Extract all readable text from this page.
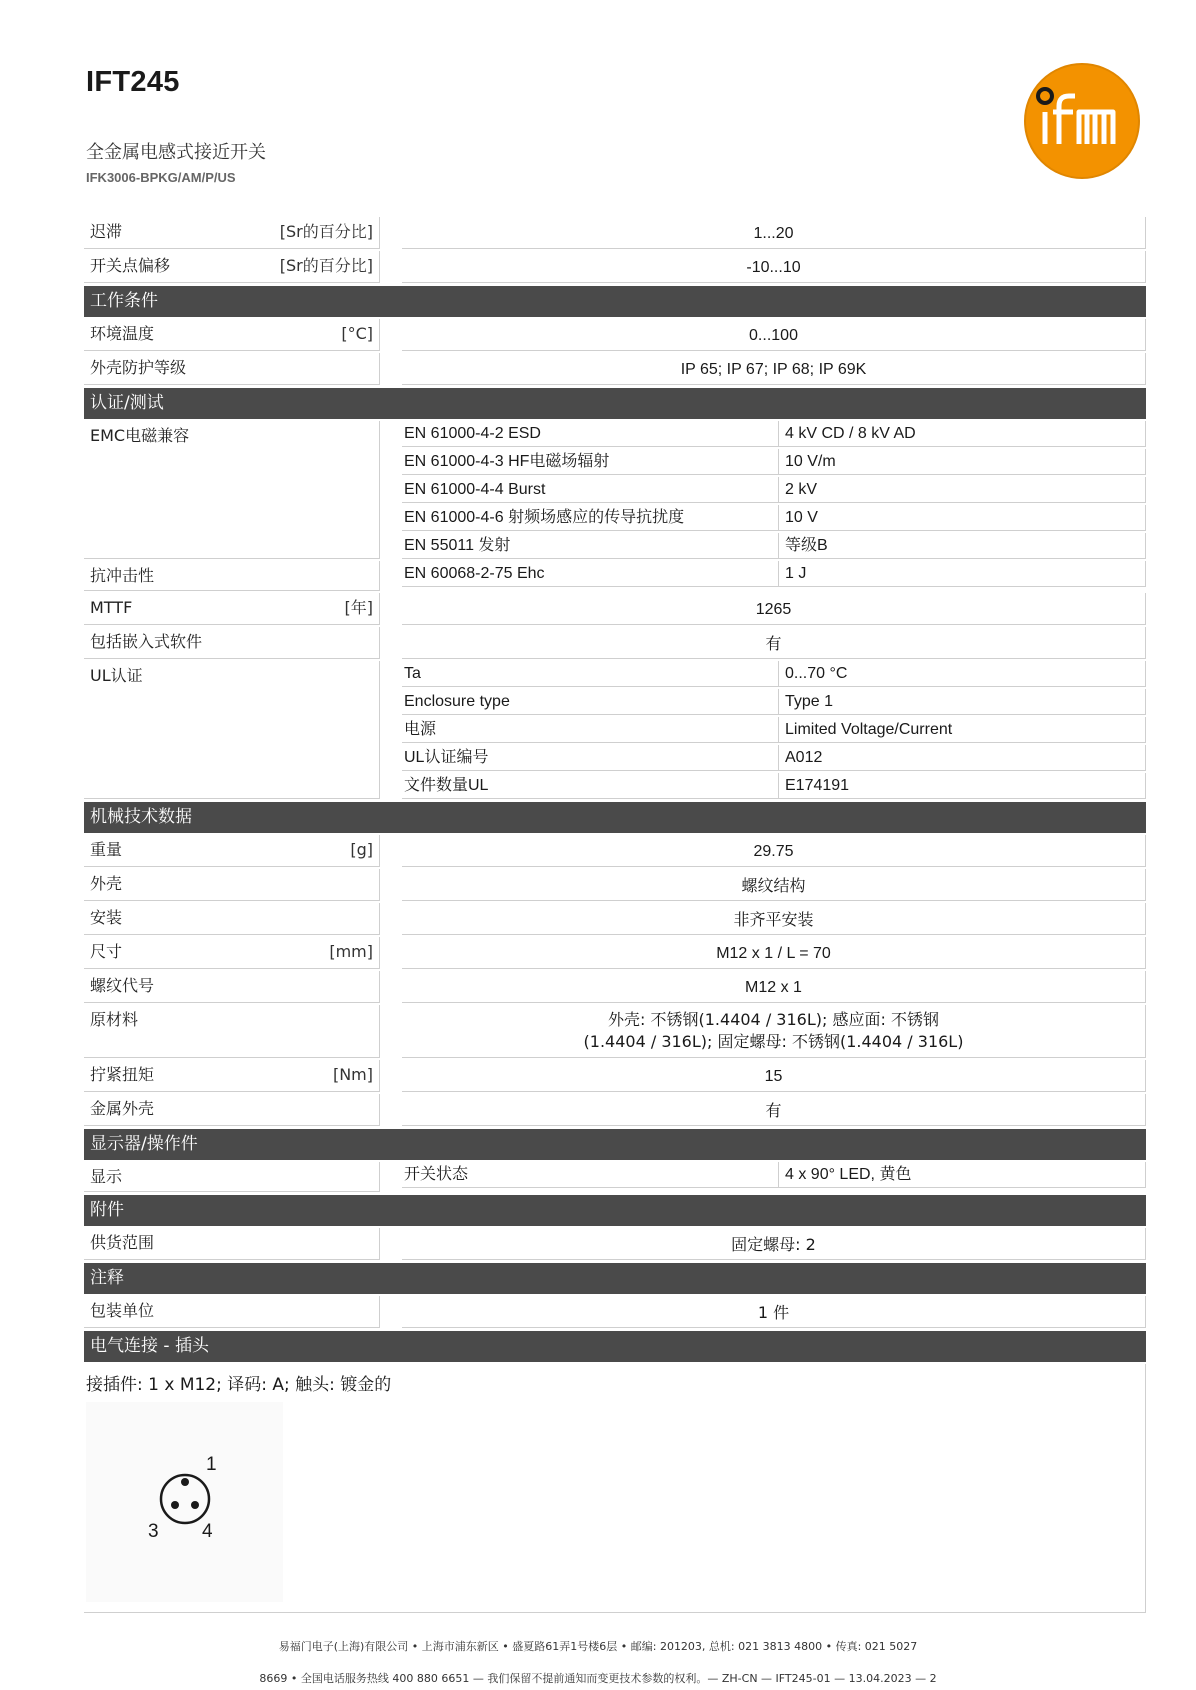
IFT245
全金属电感式接近开关
IFK3006-BPKG/AM/P/US
迟滞	[Sr的百分比]	1...20
开关点偏移	[Sr的百分比]	-10...10
工作条件
环境温度	[°C]	0...100
外壳防护等级	IP 65; IP 67; IP 68; IP 69K
认证/测试
EMC电磁兼容	EN 61000-4-2 ESD	4 kV CD / 8 kV AD
EN 61000-4-3 HF电磁场辐射	10 V/m
EN 61000-4-4 Burst	2 kV
EN 61000-4-6 射频场感应的传导抗扰度	10 V
EN 55011 发射	等级B
抗冲击性	EN 60068-2-75 Ehc	1 J
MTTF	[年]	1265
包括嵌入式软件	有
UL认证	Ta	0...70 °C
Enclosure type	Type 1
电源	Limited Voltage/Current
UL认证编号	A012
文件数量UL	E174191
机械技术数据
重量	[g]	29.75
外壳	螺纹结构
安装	非齐平安装
尺寸	[mm]	M12 x 1 / L = 70
螺纹代号	M12 x 1
原材料	外壳: 不锈钢(1.4404 / 316L); 感应面: 不锈钢
(1.4404 / 316L); 固定螺母: 不锈钢(1.4404 / 316L)
拧紧扭矩	[Nm]	15
金属外壳	有
显示器/操作件
显示	开关状态	4 x 90° LED, 黄色
附件
供货范围	固定螺母: 2
注释
包装单位	1 件
电气连接 - 插头
接插件: 1 x M12; 译码: A; 触头: 镀金的
1
3 4
易福门电子(上海)有限公司 • 上海市浦东新区 • 盛夏路61弄1号楼6层 • 邮编: 201203, 总机: 021 3813 4800 • 传真: 021 5027
8669 • 全国电话服务热线 400 880 6651 — 我们保留不提前通知而变更技术参数的权利。— ZH-CN — IFT245-01 — 13.04.2023 — 2
